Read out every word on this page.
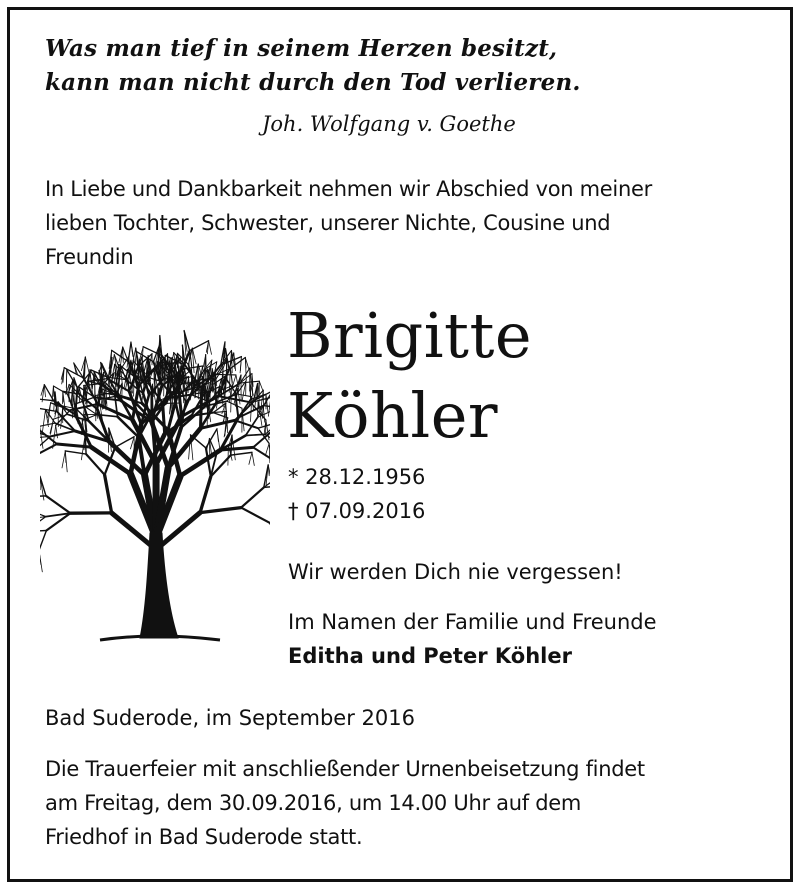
Was man tief in seinem Herzen besitzt,
kann man nicht durch den Tod verlieren.
Joh. Wolfgang v. Goethe
In Liebe und Dankbarkeit nehmen wir Abschied von meiner
lieben Tochter, Schwester, unserer Nichte, Cousine und
Freundin
Brigitte
Köhler
* 28.12.1956
† 07.09.2016
Wir werden Dich nie vergessen!
Im Namen der Familie und Freunde
Editha und Peter Köhler
Bad Suderode, im September 2016
Die Trauerfeier mit anschließender Urnenbeisetzung findet
am Freitag, dem 30.09.2016, um 14.00 Uhr auf dem
Friedhof in Bad Suderode statt.
